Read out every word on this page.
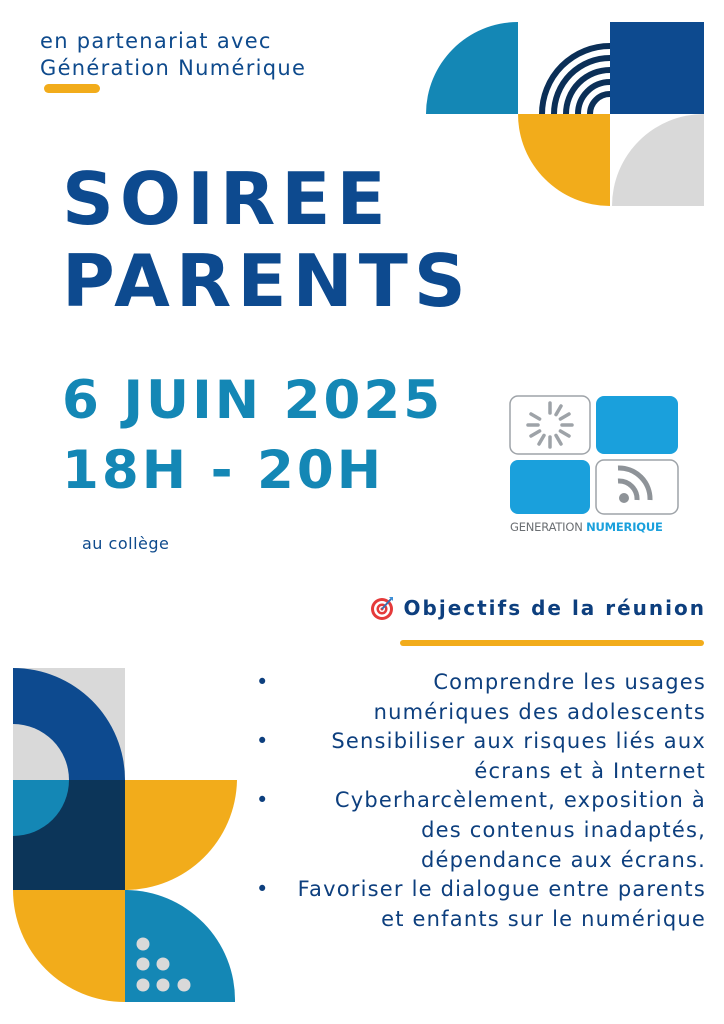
en partenariat avec
Génération Numérique
SOIREE
PARENTS
6 JUIN 2025
18H - 20H
au collège
GENERATION NUMERIQUE
Objectifs de la réunion
• Comprendre les usages numériques des adolescents
• Sensibiliser aux risques liés aux écrans et à Internet
• Cyberharcèlement, exposition à des contenus inadaptés, dépendance aux écrans.
• Favoriser le dialogue entre parents et enfants sur le numérique
